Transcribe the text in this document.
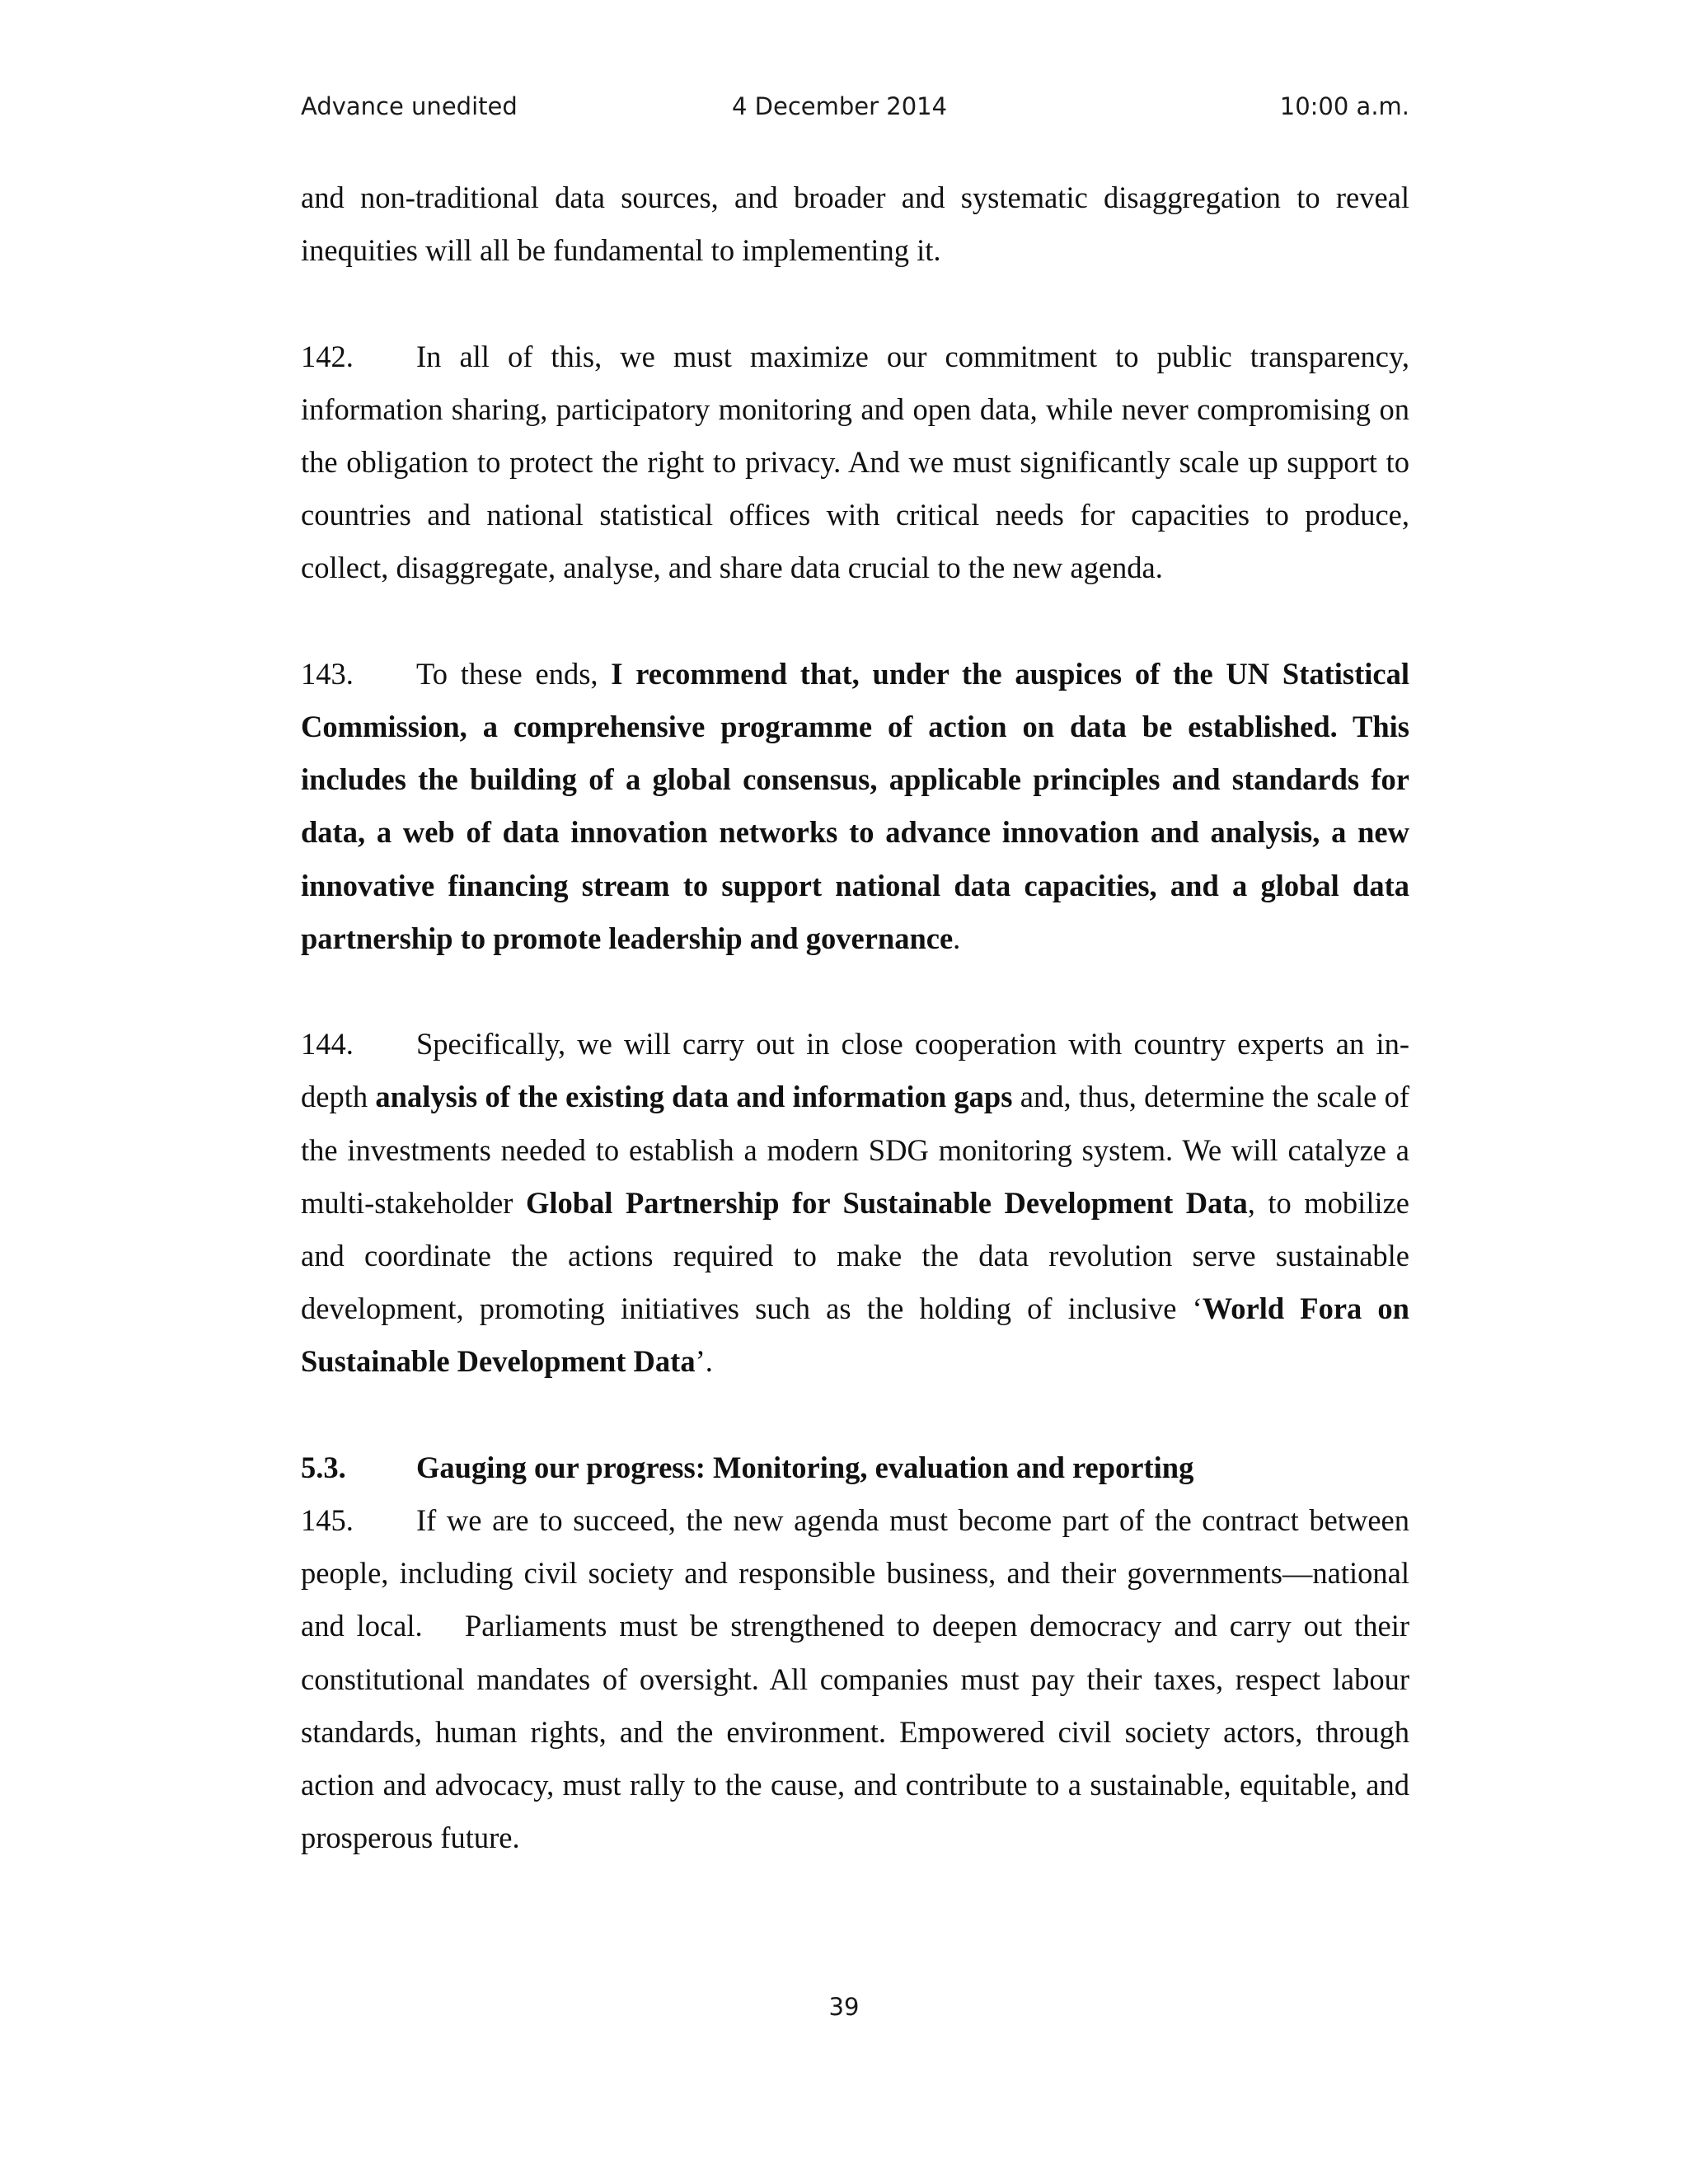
Advance unedited	4 December 2014	10:00 a.m.

and non-traditional data sources, and broader and systematic disaggregation to reveal inequities will all be fundamental to implementing it.

142. In all of this, we must maximize our commitment to public transparency, information sharing, participatory monitoring and open data, while never compromising on the obligation to protect the right to privacy. And we must significantly scale up support to countries and national statistical offices with critical needs for capacities to produce, collect, disaggregate, analyse, and share data crucial to the new agenda.

143. To these ends, I recommend that, under the auspices of the UN Statistical Commission, a comprehensive programme of action on data be established. This includes the building of a global consensus, applicable principles and standards for data, a web of data innovation networks to advance innovation and analysis, a new innovative financing stream to support national data capacities, and a global data partnership to promote leadership and governance.

144. Specifically, we will carry out in close cooperation with country experts an in-depth analysis of the existing data and information gaps and, thus, determine the scale of the investments needed to establish a modern SDG monitoring system. We will catalyze a multi-stakeholder Global Partnership for Sustainable Development Data, to mobilize and coordinate the actions required to make the data revolution serve sustainable development, promoting initiatives such as the holding of inclusive ‘World Fora on Sustainable Development Data’.

5.3. Gauging our progress: Monitoring, evaluation and reporting

145. If we are to succeed, the new agenda must become part of the contract between people, including civil society and responsible business, and their governments—national and local.  Parliaments must be strengthened to deepen democracy and carry out their constitutional mandates of oversight. All companies must pay their taxes, respect labour standards, human rights, and the environment. Empowered civil society actors, through action and advocacy, must rally to the cause, and contribute to a sustainable, equitable, and prosperous future.

39
